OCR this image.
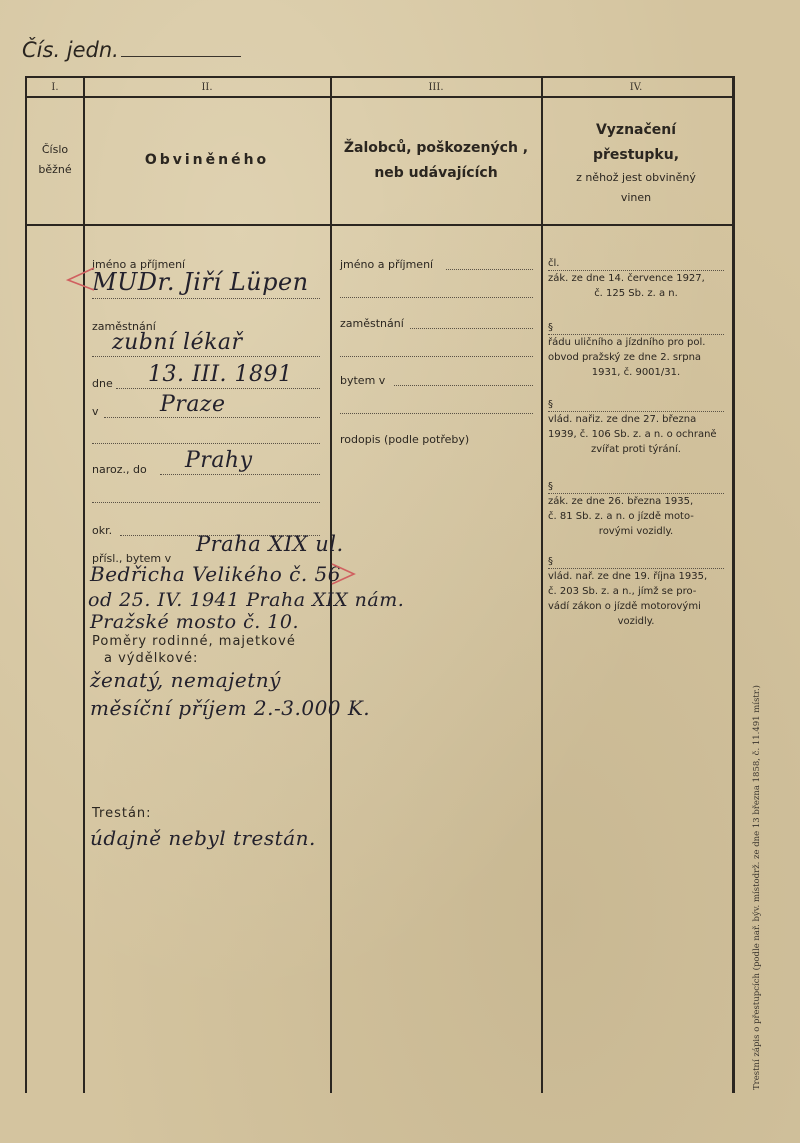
Čís. jedn.
I.	II.	III.	IV.
Číslo
běžné
Obviněného
Žalobců, poškozených ,
neb udávajících
Vyznačení
přestupku,
z něhož jest obviněný
vinen
jméno a příjmení
MUDr. Jiří Lüpen
zaměstnání
zubní lékař
dne 13. III. 1891
v	Praze
naroz., do Prahy
okr.
přísl., bytem v
Praha XIX ul.
Bedřicha Velikého č. 56
od 25. IV. 1941 Praha XIX nám.
Pražské mosto č. 10.
Poměry rodinné, majetkové
a výdělkové:
ženatý, nemajetný
měsíční příjem 2.-3.000 K.
Trestán:
údajně nebyl trestán.
jméno a příjmení
zaměstnání
bytem v
rodopis (podle potřeby)
čl.
zák. ze dne 14. července 1927,
č. 125 Sb. z. a n.
§
řádu uličního a jízdního pro pol.
obvod pražský ze dne 2. srpna
1931, č. 9001/31.
§
vlád. nařiz. ze dne 27. března
1939, č. 106 Sb. z. a n. o ochraně
zvířat proti týrání.
§
zák. ze dne 26. března 1935,
č. 81 Sb. z. a n. o jízdě moto-
rovými vozidly.
§
vlád. nař. ze dne 19. října 1935,
č. 203 Sb. z. a n., jímž se pro-
vádí zákon o jízdě motorovými
vozidly.
Trestní zápis o přestupcích (podle nař. býv. místodrž. ze dne 13 března 1858, č. 11.491 místr.)
